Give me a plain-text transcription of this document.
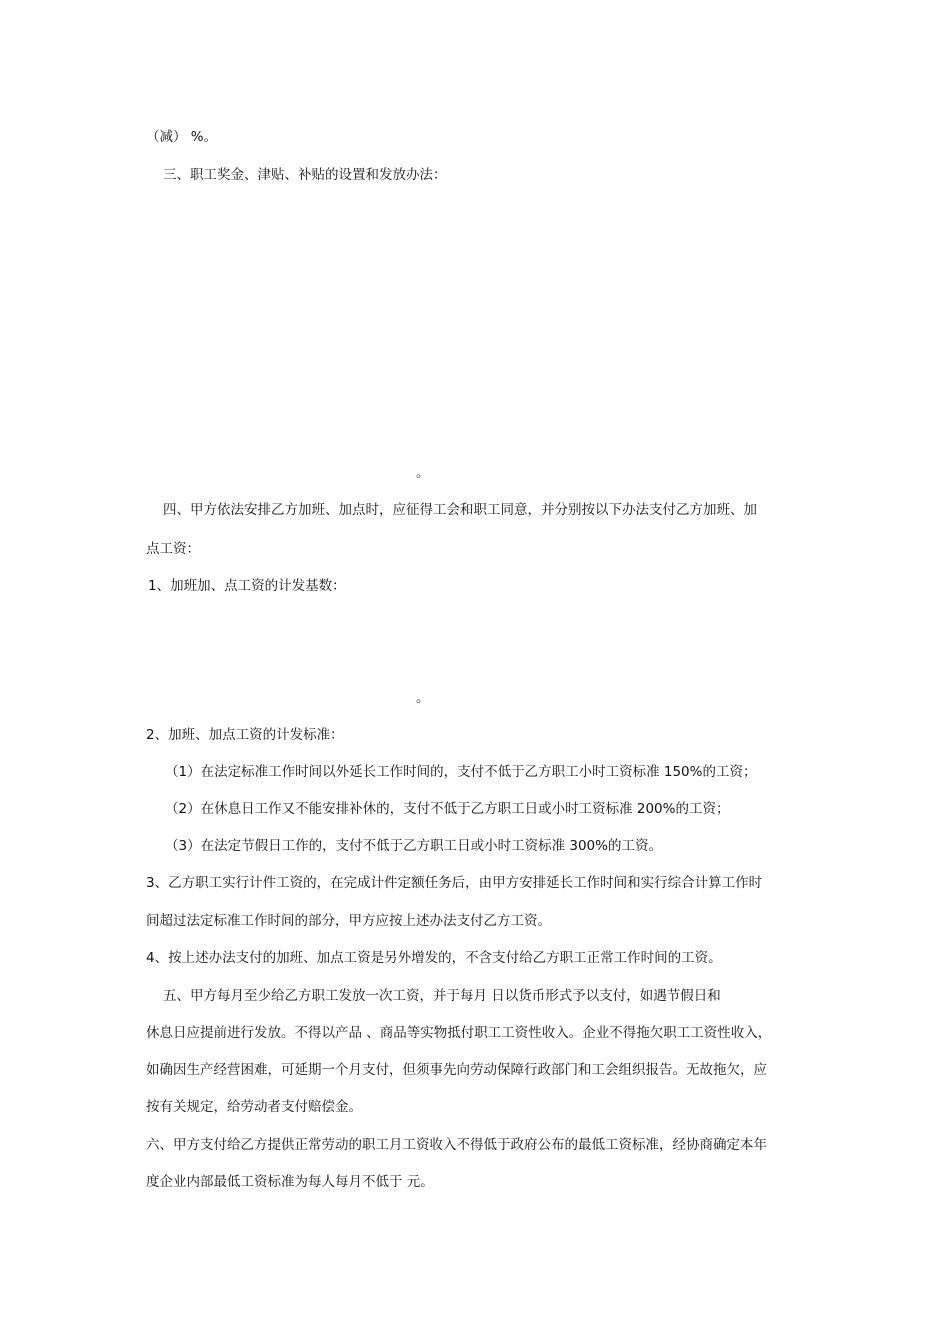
（减） %。
三、职工奖金、津贴、补贴的设置和发放办法：
。
四、甲方依法安排乙方加班、加点时，应征得工会和职工同意，并分别按以下办法支付乙方加班、加
点工资：
1、加班加、点工资的计发基数：
。
2、加班、加点工资的计发标准：
（1）在法定标准工作时间以外延长工作时间的，支付不低于乙方职工小时工资标准 150%的工资；
（2）在休息日工作又不能安排补休的，支付不低于乙方职工日或小时工资标准 200%的工资；
（3）在法定节假日工作的，支付不低于乙方职工日或小时工资标准 300%的工资。
3、乙方职工实行计件工资的，在完成计件定额任务后，由甲方安排延长工作时间和实行综合计算工作时
间超过法定标准工作时间的部分，甲方应按上述办法支付乙方工资。
4、按上述办法支付的加班、加点工资是另外增发的，不含支付给乙方职工正常工作时间的工资。
五、甲方每月至少给乙方职工发放一次工资，并于每月 日以货币形式予以支付，如遇节假日和
休息日应提前进行发放。不得以产品 、商品等实物抵付职工工资性收入。企业不得拖欠职工工资性收入，
如确因生产经营困难，可延期一个月支付，但须事先向劳动保障行政部门和工会组织报告。无故拖欠，应
按有关规定，给劳动者支付赔偿金。
六、甲方支付给乙方提供正常劳动的职工月工资收入不得低于政府公布的最低工资标准，经协商确定本年
度企业内部最低工资标准为每人每月不低于 元。
